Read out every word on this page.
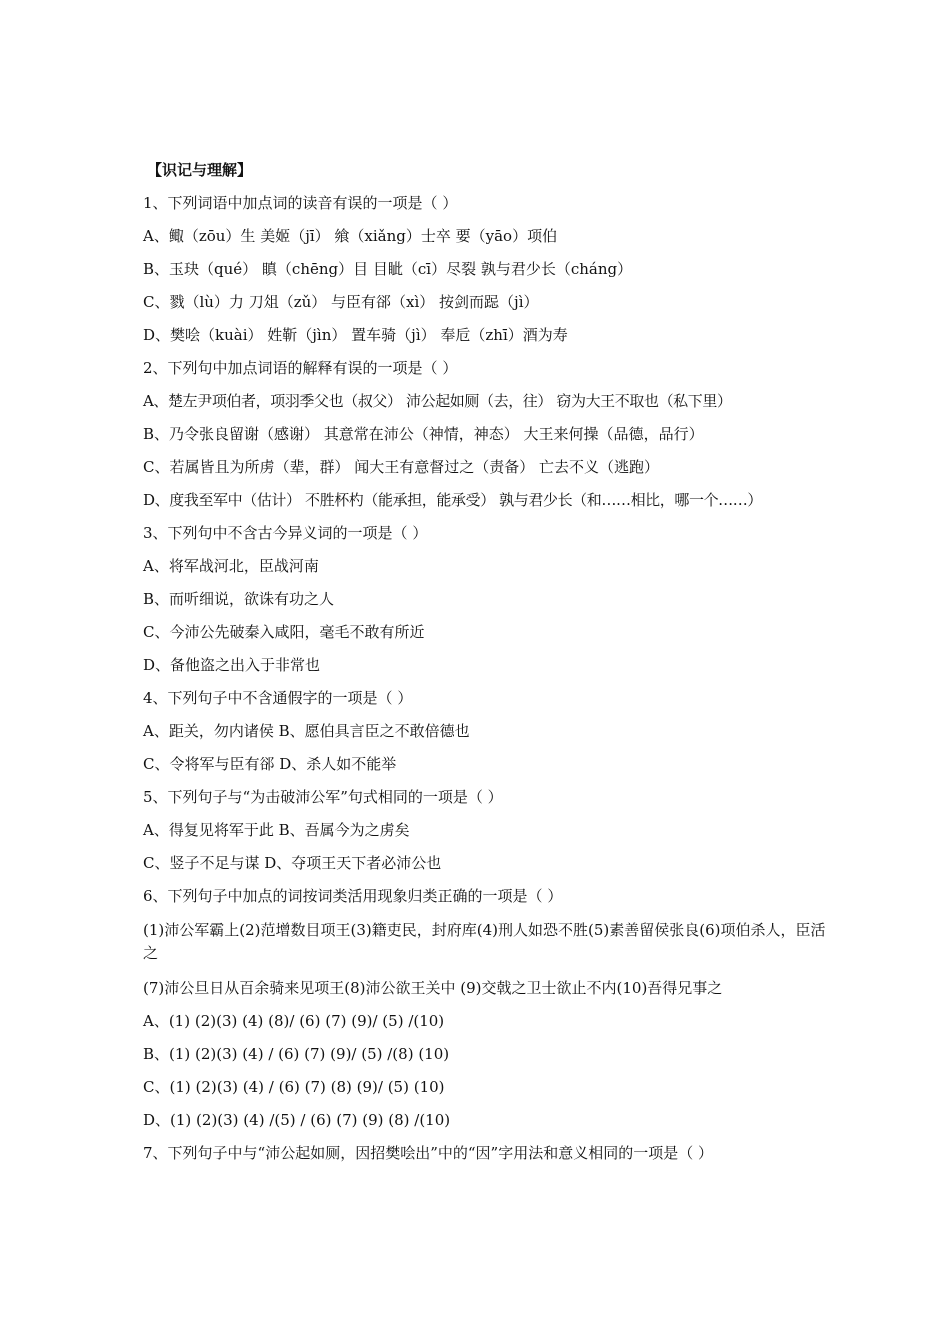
【识记与理解】
1、下列词语中加点词的读音有误的一项是（ ）
A、鲰（zōu）生 美姬（jī） 飨（xiǎng）士卒 要（yāo）项伯
B、玉玦（qué） 瞋（chēng）目 目眦（cī）尽裂 孰与君少长（cháng）
C、戮（lù）力 刀俎（zǔ） 与臣有郤（xì） 按剑而跽（jì）
D、樊哙（kuài） 姓靳（jìn） 置车骑（jì） 奉卮（zhī）酒为寿
2、下列句中加点词语的解释有误的一项是（ ）
A、楚左尹项伯者，项羽季父也（叔父） 沛公起如厕（去，往） 窃为大王不取也（私下里）
B、乃令张良留谢（感谢） 其意常在沛公（神情，神态） 大王来何操（品德，品行）
C、若属皆且为所虏（辈，群） 闻大王有意督过之（责备） 亡去不义（逃跑）
D、度我至军中（估计） 不胜杯杓（能承担，能承受） 孰与君少长（和……相比，哪一个……）
3、下列句中不含古今异义词的一项是（ ）
A、将军战河北，臣战河南
B、而听细说，欲诛有功之人
C、今沛公先破秦入咸阳，毫毛不敢有所近
D、备他盗之出入于非常也
4、下列句子中不含通假字的一项是（ ）
A、距关，勿内诸侯 B、愿伯具言臣之不敢倍德也
C、令将军与臣有郤 D、杀人如不能举
5、下列句子与“为击破沛公军”句式相同的一项是（ ）
A、得复见将军于此 B、吾属今为之虏矣
C、竖子不足与谋 D、夺项王天下者必沛公也
6、下列句子中加点的词按词类活用现象归类正确的一项是（ ）
(1)沛公军霸上(2)范增数目项王(3)籍吏民，封府库(4)刑人如恐不胜(5)素善留侯张良(6)项伯杀人，臣活之
(7)沛公旦日从百余骑来见项王(8)沛公欲王关中 (9)交戟之卫士欲止不内(10)吾得兄事之
A、(1) (2)(3) (4) (8)/ (6) (7) (9)/ (5) /(10)
B、(1) (2)(3) (4) / (6) (7) (9)/ (5) /(8) (10)
C、(1) (2)(3) (4) / (6) (7) (8) (9)/ (5) (10)
D、(1) (2)(3) (4) /(5) / (6) (7) (9) (8) /(10)
7、下列句子中与“沛公起如厕，因招樊哙出”中的“因”字用法和意义相同的一项是（ ）
